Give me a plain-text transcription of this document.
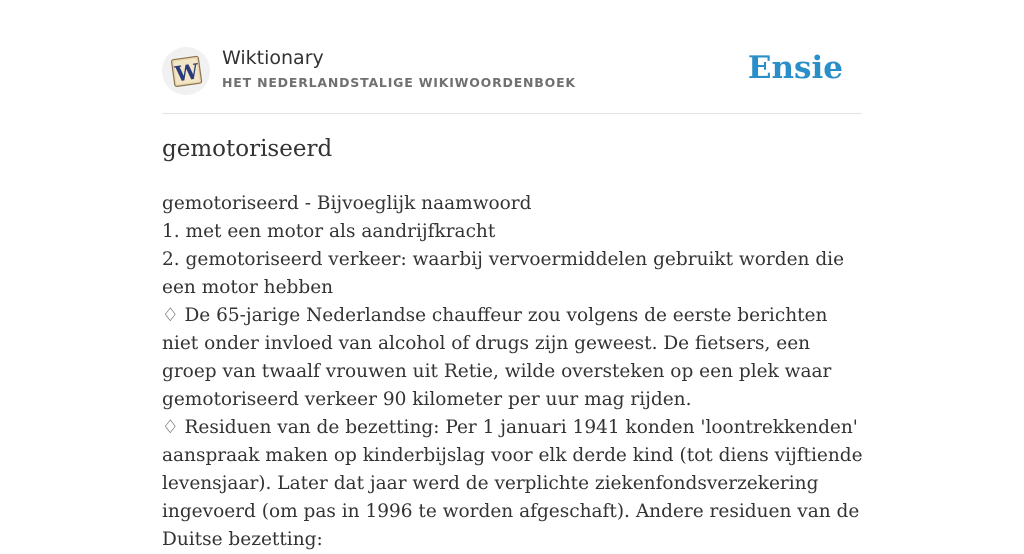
W
Wiktionary
HET NEDERLANDSTALIGE WIKIWOORDENBOEK	Ensie
gemotoriseerd

gemotoriseerd - Bijvoeglijk naamwoord

1. met een motor als aandrijfkracht

2. gemotoriseerd verkeer: waarbij vervoermiddelen gebruikt worden die een motor hebben

♢ De 65-jarige Nederlandse chauffeur zou volgens de eerste berichten niet onder invloed van alcohol of drugs zijn geweest. De fietsers, een groep van twaalf vrouwen uit Retie, wilde oversteken op een plek waar gemotoriseerd verkeer 90 kilometer per uur mag rijden.

♢ Residuen van de bezetting: Per 1 januari 1941 konden 'loontrekkenden' aanspraak maken op kinderbijslag voor elk derde kind (tot diens vijftiende levensjaar). Later dat jaar werd de verplichte ziekenfondsverzekering ingevoerd (om pas in 1996 te worden afgeschaft). Andere residuen van de Duitse bezetting:
